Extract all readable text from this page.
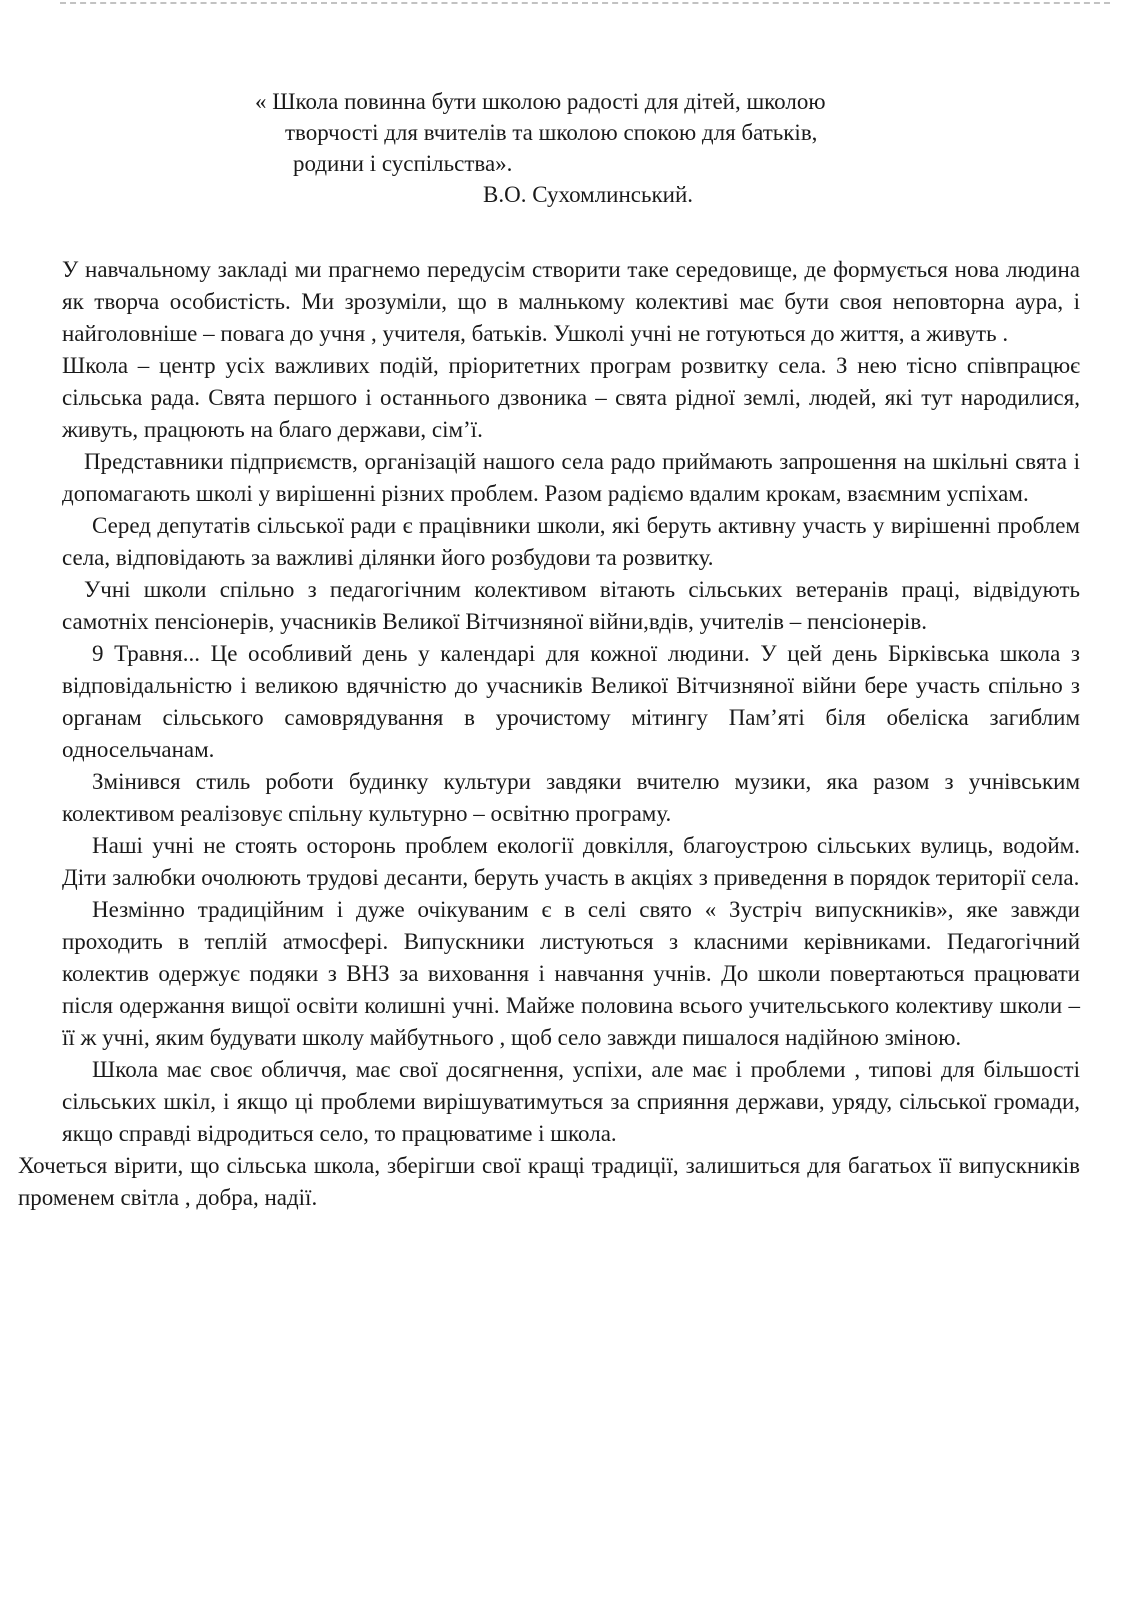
« Школа повинна бути школою радості для дітей, школою
творчості для вчителів та школою спокою для батьків,
родини і суспільства».
В.О. Сухомлинський.

У навчальному закладі ми прагнемо передусім створити таке середовище, де формується нова людина як творча особистість. Ми зрозуміли, що в малнькому колективі має бути своя неповторна аура, і найголовніше – повага до учня , учителя, батьків. Ушколі учні не готуються до життя, а живуть .

Школа – центр усіх важливих подій, пріоритетних програм розвитку села. З нею тісно співпрацює сільська рада. Свята першого і останнього дзвоника – свята рідної землі, людей, які тут народилися, живуть, працюють на благо держави, сім’ї.

Представники підприємств, організацій нашого села радо приймають запрошення на шкільні свята і допомагають школі у вирішенні різних проблем. Разом радіємо вдалим крокам, взаємним успіхам.

Серед депутатів сільської ради є працівники школи, які беруть активну участь у вирішенні проблем села, відповідають за важливі ділянки його розбудови та розвитку.

Учні школи спільно з педагогічним колективом вітають сільських ветеранів праці, відвідують самотніх пенсіонерів, учасників Великої Вітчизняної війни,вдів, учителів – пенсіонерів.

9 Травня... Це особливий день у календарі для кожної людини. У цей день Бірківська школа з відповідальністю і великою вдячністю до учасників Великої Вітчизняної війни бере участь спільно з органам сільського самоврядування в урочистому мітингу Пам’яті біля обеліска загиблим односельчанам.

Змінився стиль роботи будинку культури завдяки вчителю музики, яка разом з учнівським колективом реалізовує спільну культурно – освітню програму.

Наші учні не стоять осторонь проблем екології довкілля, благоустрою сільських вулиць, водойм. Діти залюбки очолюють трудові десанти, беруть участь в акціях з приведення в порядок території села.

Незмінно традиційним і дуже очікуваним є в селі свято « Зустріч випускників», яке завжди проходить в теплій атмосфері. Випускники листуються з класними керівниками. Педагогічний колектив одержує подяки з ВНЗ за виховання і навчання учнів. До школи повертаються працювати після одержання вищої освіти колишні учні. Майже половина всього учительського колективу школи – її ж учні, яким будувати школу майбутнього , щоб село завжди пишалося надійною зміною.

Школа має своє обличчя, має свої досягнення, успіхи, але має і проблеми , типові для більшості сільських шкіл, і якщо ці проблеми вирішуватимуться за сприяння держави, уряду, сільської громади, якщо справді відродиться село, то працюватиме і школа.

Хочеться вірити, що сільська школа, зберігши свої кращі традиції, залишиться для багатьох її випускників променем світла , добра, надії.
